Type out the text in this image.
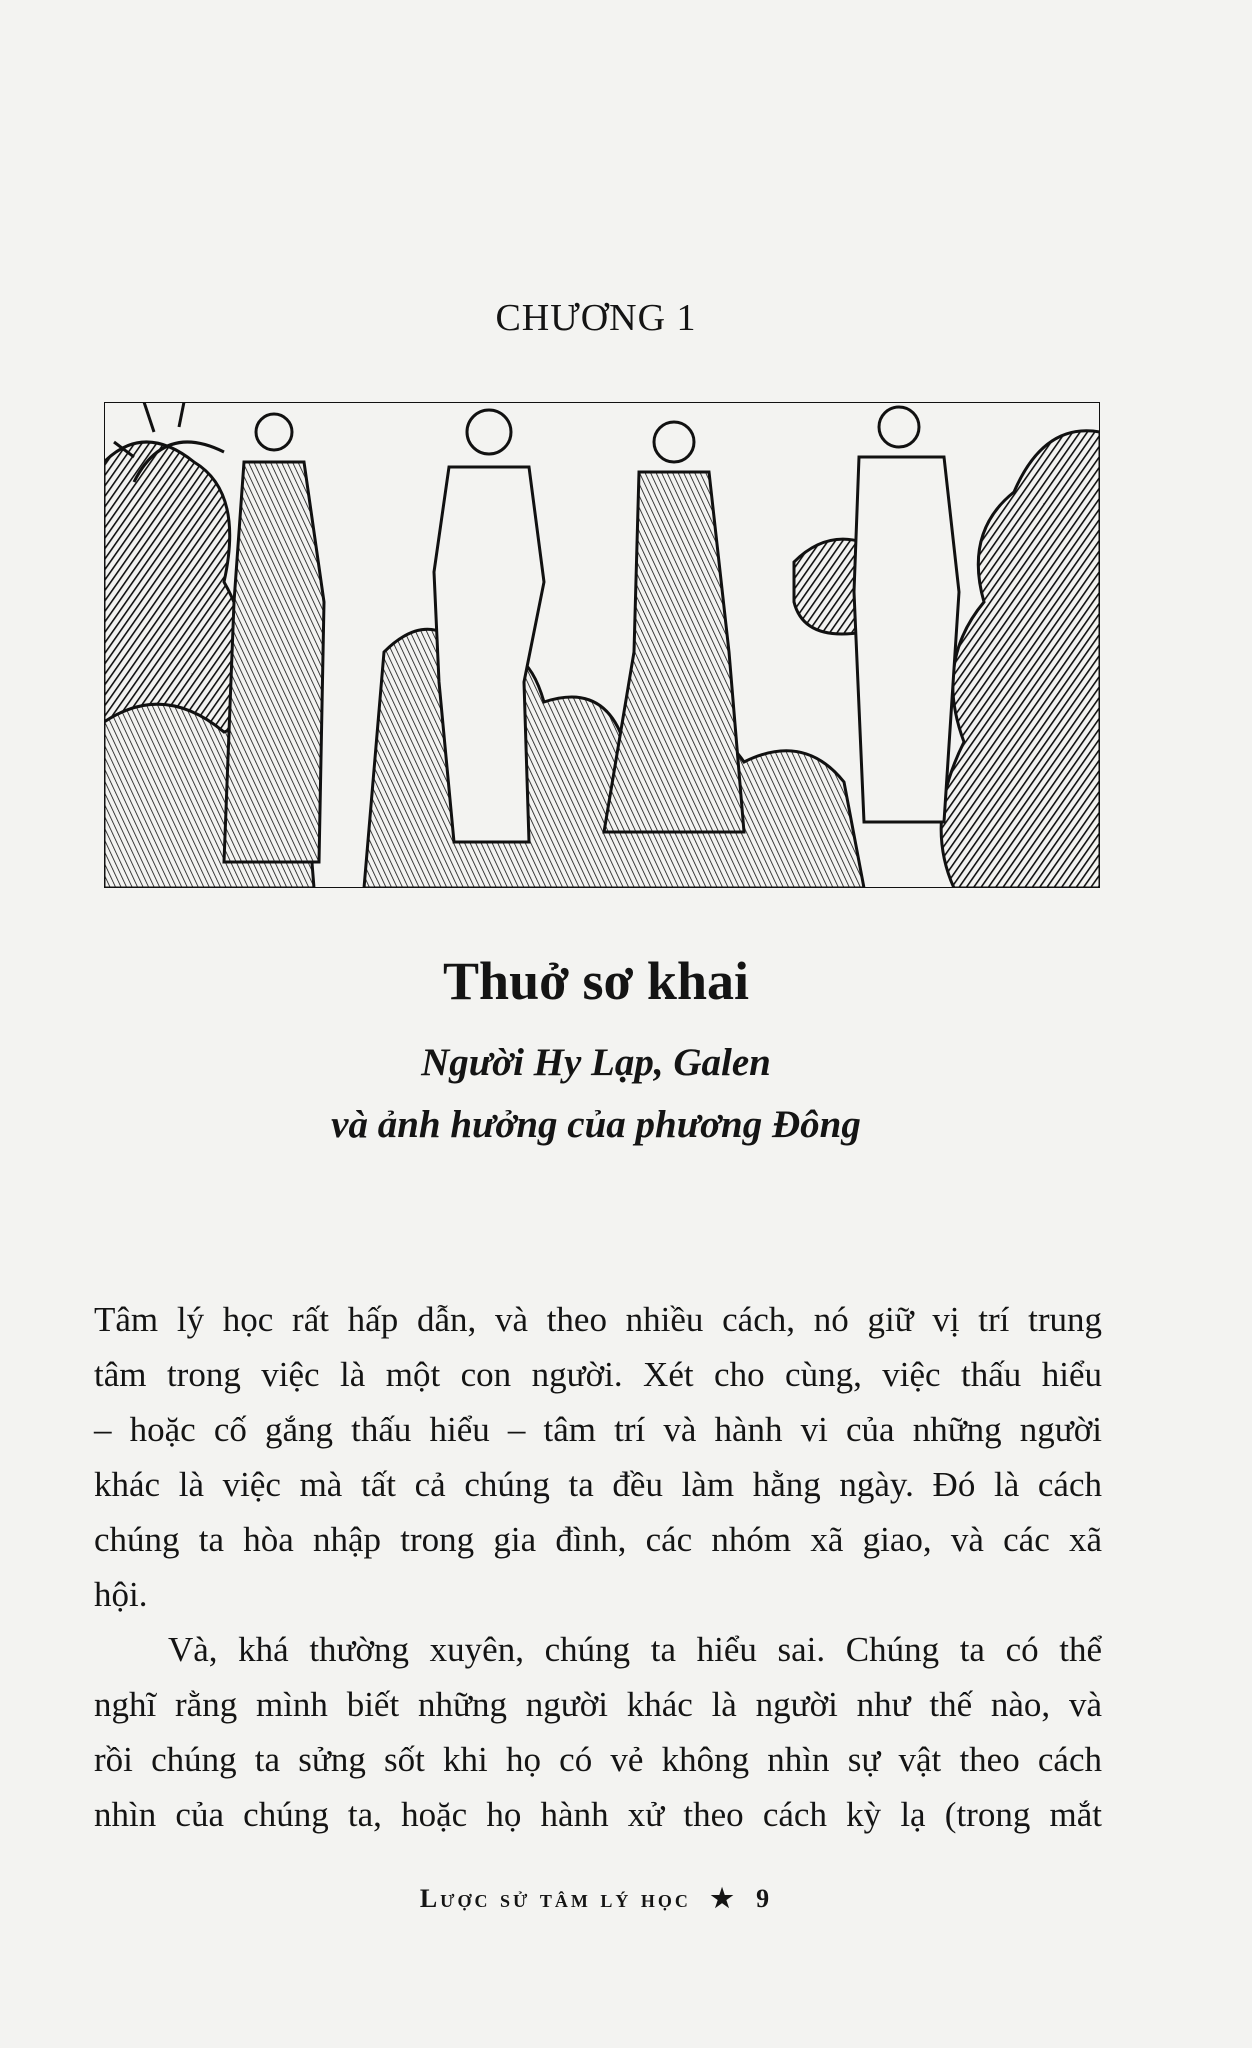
CHƯƠNG 1
Thuở sơ khai
Người Hy Lạp, Galen
và ảnh hưởng của phương Đông
Tâm lý học rất hấp dẫn, và theo nhiều cách, nó giữ vị trí trung
tâm trong việc là một con người. Xét cho cùng, việc thấu hiểu
– hoặc cố gắng thấu hiểu – tâm trí và hành vi của những người
khác là việc mà tất cả chúng ta đều làm hằng ngày. Đó là cách
chúng ta hòa nhập trong gia đình, các nhóm xã giao, và các xã
hội.
Và, khá thường xuyên, chúng ta hiểu sai. Chúng ta có thể
nghĩ rằng mình biết những người khác là người như thế nào, và
rồi chúng ta sửng sốt khi họ có vẻ không nhìn sự vật theo cách
nhìn của chúng ta, hoặc họ hành xử theo cách kỳ lạ (trong mắt
Lược sử tâm lý học ★ 9
